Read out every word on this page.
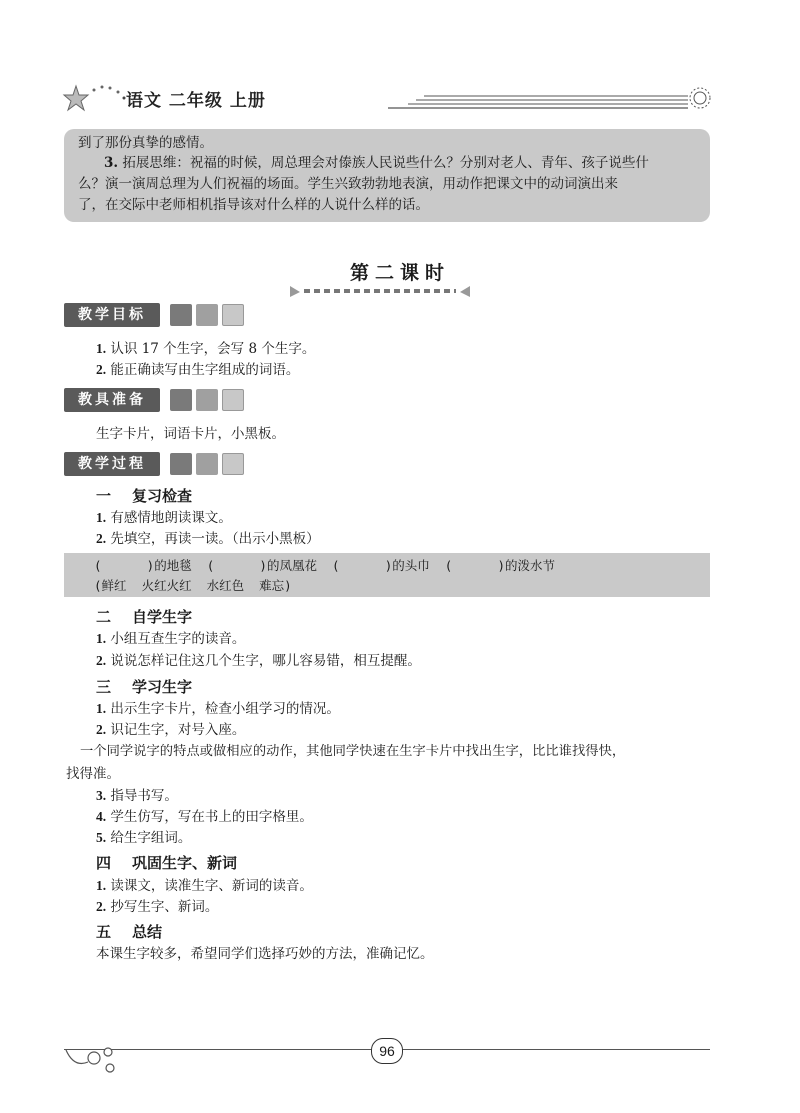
语文 二年级 上册
到了那份真挚的感情。
3. 拓展思维：祝福的时候，周总理会对傣族人民说些什么？分别对老人、青年、孩子说些什
么？演一演周总理为人们祝福的场面。学生兴致勃勃地表演，用动作把课文中的动词演出来
了，在交际中老师相机指导该对什么样的人说什么样的话。
第二课时
教学目标
1. 认识 17 个生字，会写 8 个生字。
2. 能正确读写由生字组成的词语。
教具准备
生字卡片，词语卡片，小黑板。
教学过程
一 复习检查
1. 有感情地朗读课文。
2. 先填空，再读一读。（出示小黑板）
(      )的地毯  (      )的凤凰花  (      )的头巾  (      )的泼水节
(鲜红  火红火红  水红色  难忘)
二 自学生字
1. 小组互查生字的读音。
2. 说说怎样记住这几个生字，哪儿容易错，相互提醒。
三 学习生字
1. 出示生字卡片，检查小组学习的情况。
2. 识记生字，对号入座。
一个同学说字的特点或做相应的动作，其他同学快速在生字卡片中找出生字，比比谁找得快，
找得准。
3. 指导书写。
4. 学生仿写，写在书上的田字格里。
5. 给生字组词。
四 巩固生字、新词
1. 读课文，读准生字、新词的读音。
2. 抄写生字、新词。
五 总结
本课生字较多，希望同学们选择巧妙的方法，准确记忆。
96
